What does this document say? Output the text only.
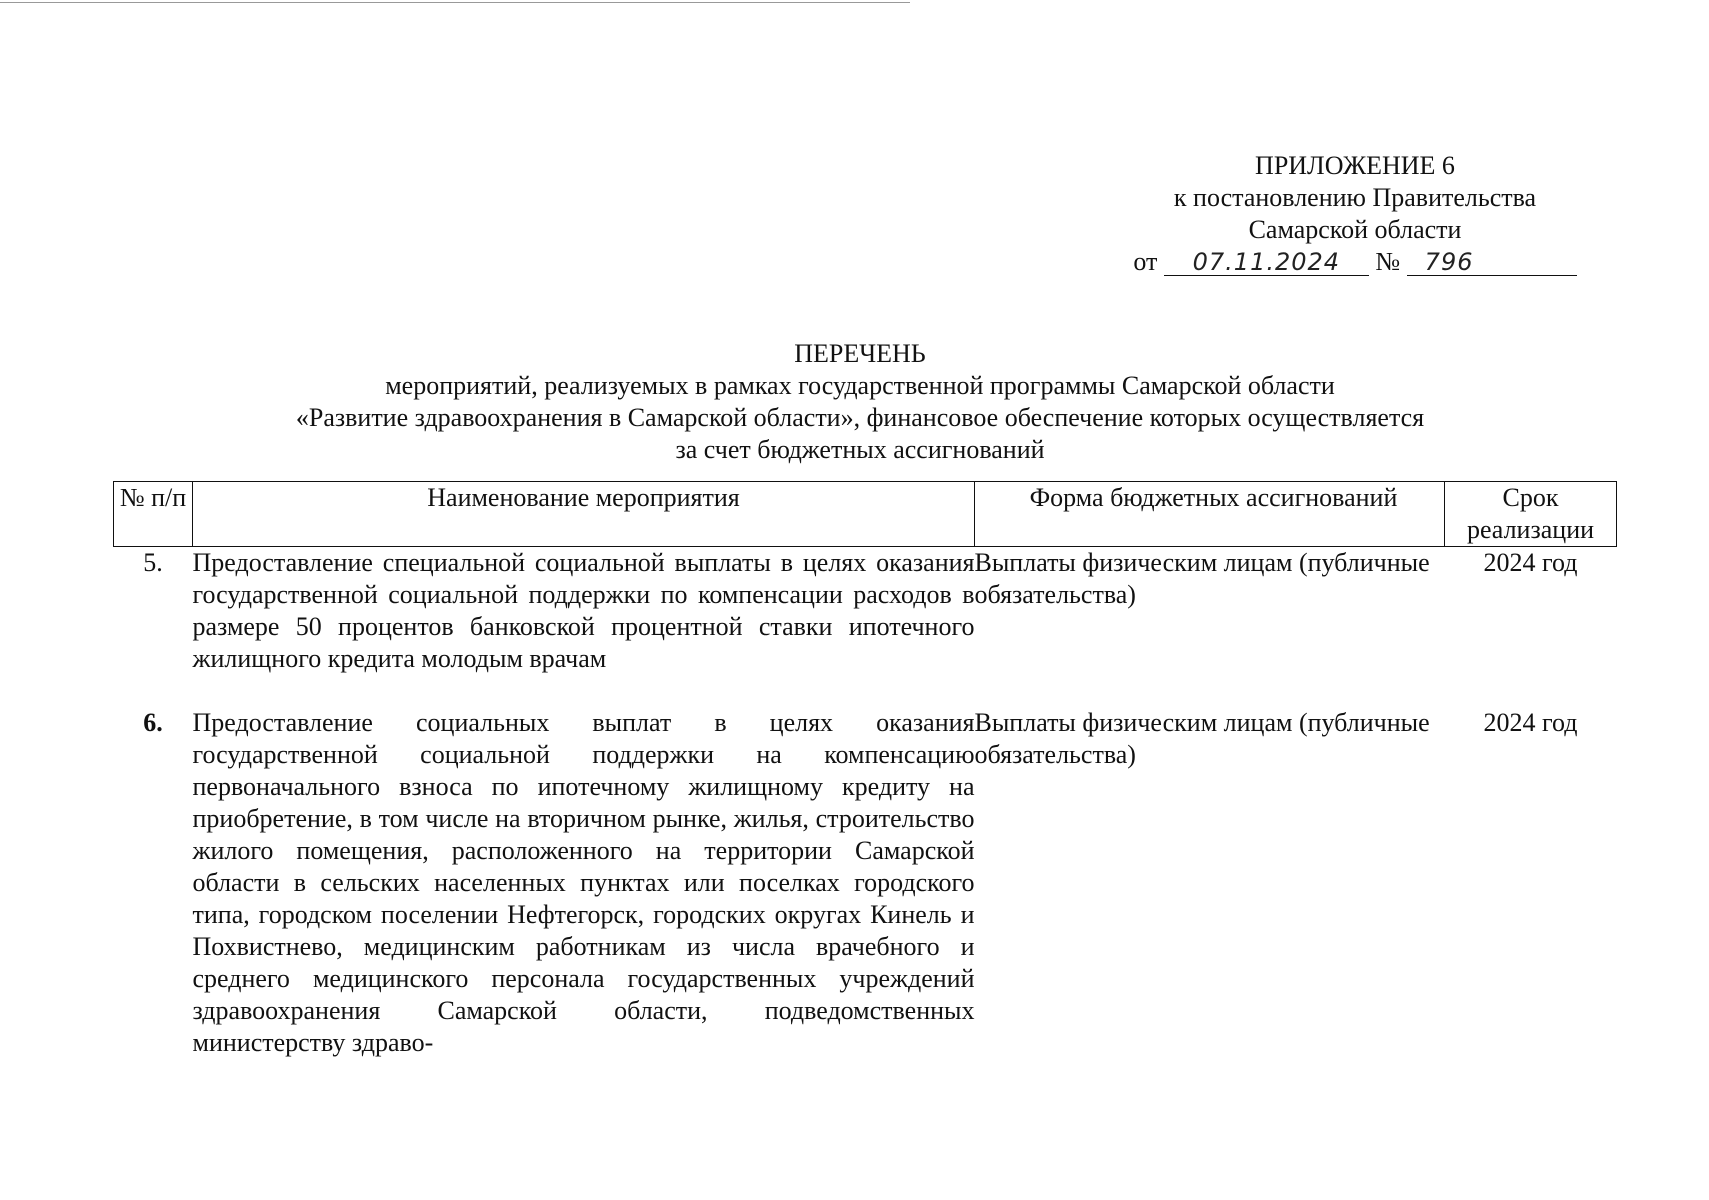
ПРИЛОЖЕНИЕ 6
к постановлению Правительства
Самарской области
от 07.11.2024 № 796
ПЕРЕЧЕНЬ
мероприятий, реализуемых в рамках государственной программы Самарской области
«Развитие здравоохранения в Самарской области», финансовое обеспечение которых осуществляется
за счет бюджетных ассигнований
№ п/п	Наименование мероприятия	Форма бюджетных ассигнований	Срок реализации
5.	Предоставление специальной социальной выплаты в целях оказания государственной социальной поддержки по компенсации расходов в размере 50 процентов банковской процентной ставки ипотечного жилищного кредита молодым врачам	Выплаты физическим лицам (публичные обязательства)	2024 год
6.	Предоставление социальных выплат в целях оказания государственной социальной поддержки на компенсацию первоначального взноса по ипотечному жилищному кредиту на приобретение, в том числе на вторичном рынке, жилья, строительство жилого помещения, расположенного на территории Самарской области в сельских населенных пунктах или поселках городского типа, городском поселении Нефтегорск, городских округах Кинель и Похвистнево, медицинским работникам из числа врачебного и среднего медицинского персонала государственных учреждений здравоохранения Самарской области, подведомственных министерству здраво-	Выплаты физическим лицам (публичные обязательства)	2024 год
